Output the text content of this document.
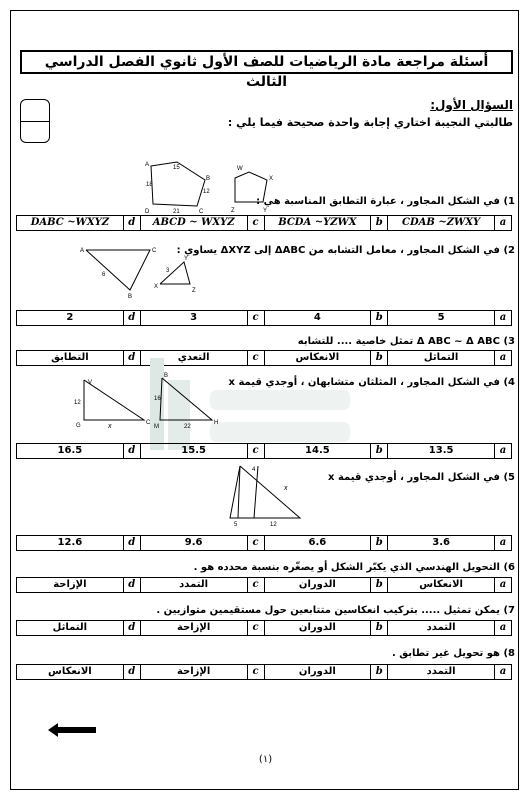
أسئلة مراجعة مادة الرياضيات للصف الأول ثانوي الفصل الدراسي الثالث
السؤال الأول:
طالبتي النجيبة اختاري إجابة واحدة صحيحة فيما يلي :
15
18
12
21
D	C
B
A
W
X
Y
Z
1) في الشكل المجاور ، عبارة التطابق المناسبة هي :
a	CDAB ~ZWXY	b	BCDA ~YZWX	c	ABCD ~ WXYZ	d	DABC ~WXYZ
A	C
B
6
X
Y
Z
3
2) في الشكل المجاور ، معامل التشابه من ΔABC إلى ΔXYZ يساوي :
a	5	b	4	c	3	d	2
3) Δ ABC ~ Δ ABC تمثل خاصية .... للتشابه
a	التماثل	b	الانعكاس	c	التعدي	d	التطابق
V
G	C
12
x
B
M
H
16
22
4) في الشكل المجاور ، المثلثان متشابهان ، أوجدي قيمة x
a	13.5	b	14.5	c	15.5	d	16.5
4
x
5	12
5) في الشكل المجاور ، أوجدي قيمة x
a	3.6	b	6.6	c	9.6	d	12.6
6) التحويل الهندسي الذي يكبّر الشكل أو يصغّره بنسبة محدده هو .
a	الانعكاس	b	الدوران	c	التمدد	d	الإزاحة
7) يمكن تمثيل ..... بتركيب انعكاسين متتابعين حول مستقيمين متوازيين .
a	التمدد	b	الدوران	c	الإزاحة	d	التماثل
8) هو تحويل غير تطابق .
a	التمدد	b	الدوران	c	الإزاحة	d	الانعكاس
(١)
